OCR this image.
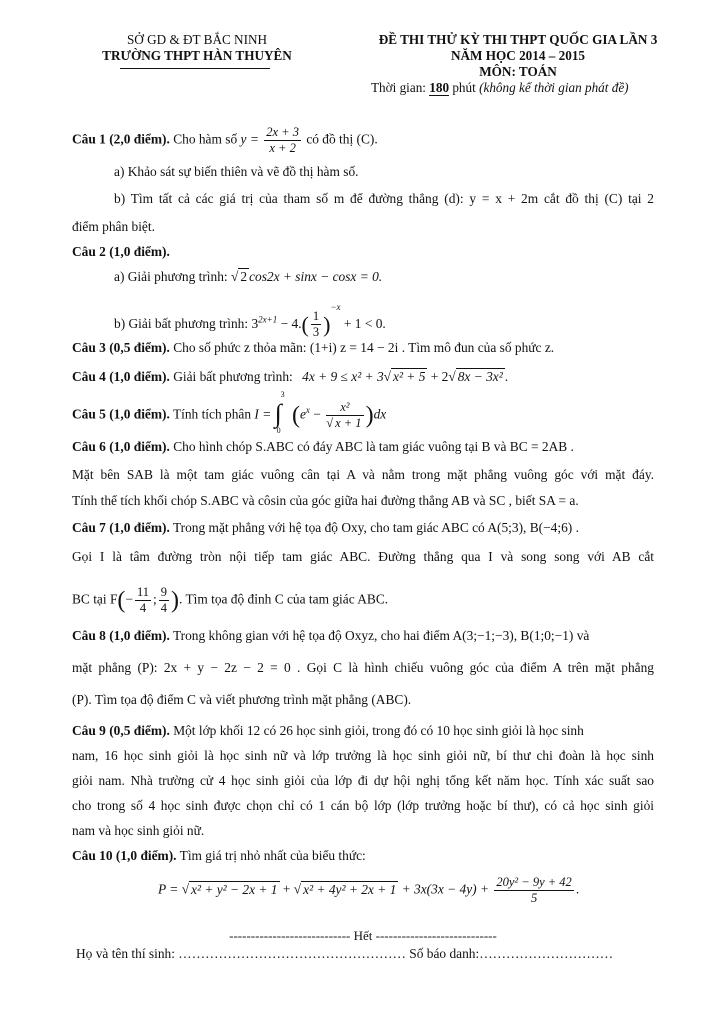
SỞ GD & ĐT BẮC NINH
TRƯỜNG THPT HÀN THUYÊN
ĐỀ THI THỬ KỲ THI THPT QUỐC GIA LẦN 3
NĂM HỌC 2014 – 2015
MÔN: TOÁN
Thời gian: 180 phút (không kể thời gian phát đề)
Câu 1 (2,0 điểm). Cho hàm số $y = \frac{2x + 3}{x + 2}$ có đồ thị (C).
a) Khảo sát sự biến thiên và vẽ đồ thị hàm số.
b) Tìm tất cả các giá trị của tham số m để đường thẳng (d): y = x + 2m cắt đồ thị (C) tại 2
điểm phân biệt.
Câu 2 (1,0 điểm).
a) Giải phương trình: √ 2 cos2x + sinx − cosx = 0.
b) Giải bất phương trình: $3^{2x+1} - 4.( \frac{1}{3} )^{-x} + 1 < 0$.
Câu 3 (0,5 điểm). Cho số phức z thỏa mãn: (1+i) z = 14 − 2i . Tìm mô đun của số phức z.
Câu 4 (1,0 điểm). Giải bất phương trình: 4x + 9 ≤ x² + 3√ x² + 5 + 2√ 8x − 3x² .
Câu 5 (1,0 điểm). Tính tích phân I =
3
∫
0
$(e^x - \frac{\text{x²}}{√ x + 1} )dx$
Câu 6 (1,0 điểm). Cho hình chóp S.ABC có đáy ABC là tam giác vuông tại B và BC = 2AB .
Mặt bên SAB là một tam giác vuông cân tại A và nằm trong mặt phẳng vuông góc với mặt đáy.
Tính thể tích khối chóp S.ABC và côsin của góc giữa hai đường thẳng AB và SC , biết SA = a.
Câu 7 (1,0 điểm). Trong mặt phẳng với hệ tọa độ Oxy, cho tam giác ABC có A(5;3), B(−4;6) .
Gọi I là tâm đường tròn nội tiếp tam giác ABC. Đường thẳng qua I và song song với AB cắt
BC tại $F(- \frac{11}{4}$ ; $\frac{9}{4}$ ). Tìm tọa độ đỉnh C của tam giác ABC.
Câu 8 (1,0 điểm). Trong không gian với hệ tọa độ Oxyz, cho hai điểm A(3;−1;−3), B(1;0;−1) và
mặt phẳng (P): 2x + y − 2z − 2 = 0 . Gọi C là hình chiếu vuông góc của điểm A trên mặt phẳng
(P). Tìm tọa độ điểm C và viết phương trình mặt phẳng (ABC).
Câu 9 (0,5 điểm). Một lớp khối 12 có 26 học sinh giỏi, trong đó có 10 học sinh giỏi là học sinh
nam, 16 học sinh giỏi là học sinh nữ và lớp trưởng là học sinh giỏi nữ, bí thư chi đoàn là học sinh
giỏi nam. Nhà trường cử 4 học sinh giỏi của lớp đi dự hội nghị tổng kết năm học. Tính xác suất sao
cho trong số 4 học sinh được chọn chỉ có 1 cán bộ lớp (lớp trưởng hoặc bí thư), có cả học sinh giỏi
nam và học sinh giỏi nữ.
Câu 10 (1,0 điểm). Tìm giá trị nhỏ nhất của biểu thức:
P = √ x² + y² − 2x + 1 + √ $x^2 + 4y^2 + 2x + 1 + 3x(3x - 4y) + \frac{\text{20y² − 9y + 42}}{5}$ .
---------------------------- Hết ----------------------------
Họ và tên thí sinh: …………………………………………… Số báo danh:…………………………
